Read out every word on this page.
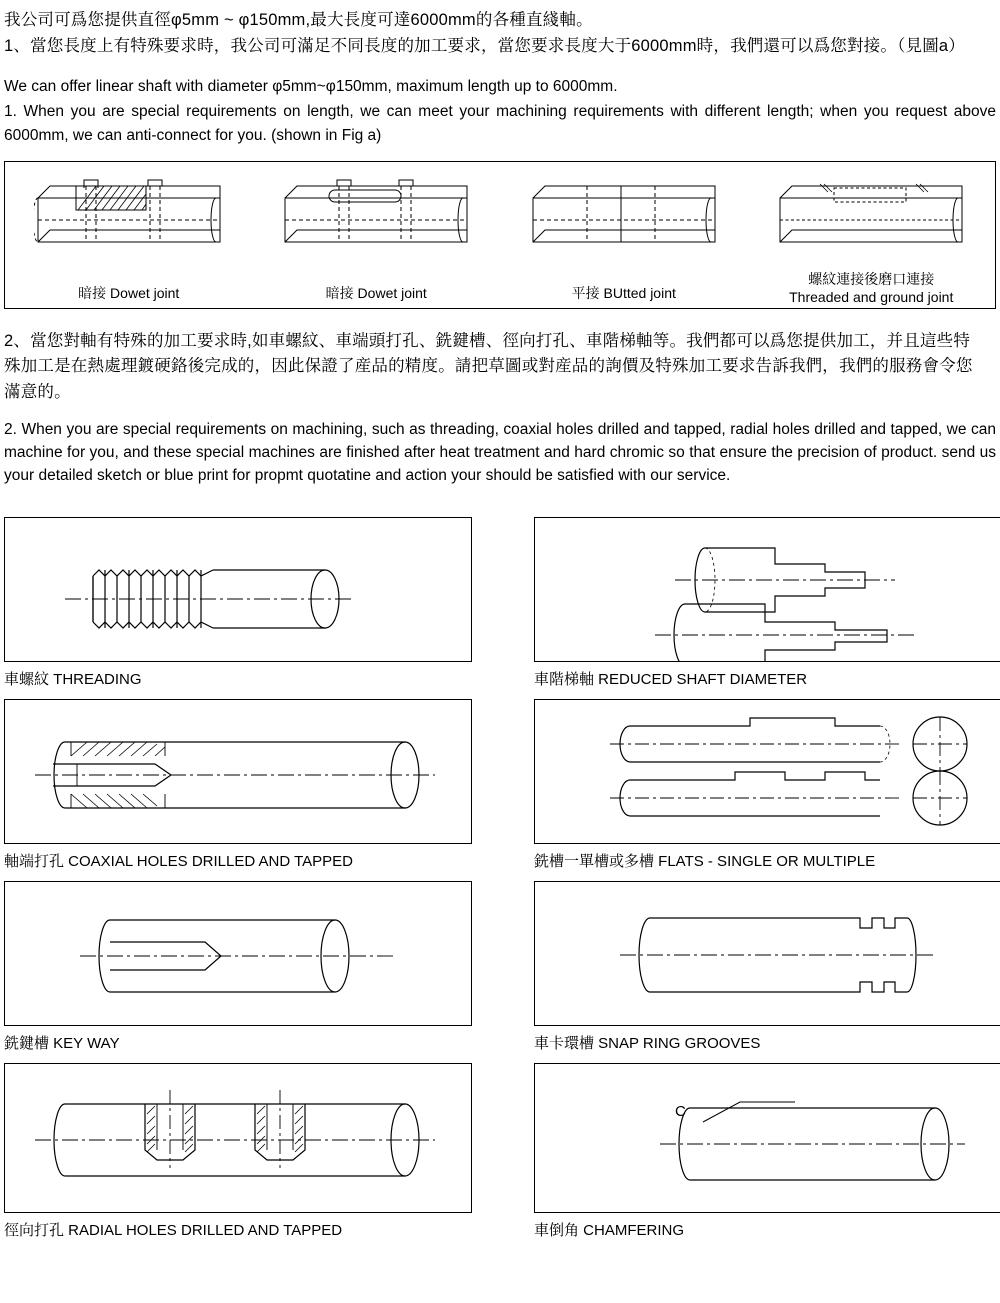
我公司可爲您提供直徑φ5mm ~ φ150mm,最大長度可達6000mm的各種直綫軸。
1、當您長度上有特殊要求時，我公司可滿足不同長度的加工要求，當您要求長度大于6000mm時，我們還可以爲您對接。（見圖a）
We can offer linear shaft with diameter φ5mm~φ150mm, maximum length up to 6000mm.
1. When you are special requirements on length, we can meet your machining requirements with different length; when you request above 6000mm, we can anti-connect for you. (shown in Fig a)
暗接 Dowet joint	暗接 Dowet joint	平接 BUtted joint
螺紋連接後磨口連接
Threaded and ground joint
2、當您對軸有特殊的加工要求時,如車螺紋、車端頭打孔、銑鍵槽、徑向打孔、車階梯軸等。我們都可以爲您提供加工，并且這些特
殊加工是在熱處理鍍硬鉻後完成的，因此保證了産品的精度。請把草圖或對産品的詢價及特殊加工要求告訴我們，我們的服務會令您
滿意的。
2. When you are special requirements on machining, such as threading, coaxial holes drilled and tapped, radial holes drilled and tapped, we can machine for you, and these special machines are finished after heat treatment and hard chromic so that ensure the precision of product. send us your detailed sketch or blue print for propmt quotatine and action your should be satisfied with our service.
車螺紋 THREADING	車階梯軸 REDUCED SHAFT DIAMETER
軸端打孔 COAXIAL HOLES DRILLED AND TAPPED	銑槽一單槽或多槽 FLATS - SINGLE OR MULTIPLE
銑鍵槽 KEY WAY	車卡環槽 SNAP RING GROOVES
徑向打孔 RADIAL HOLES DRILLED AND TAPPED
C
車倒角 CHAMFERING
